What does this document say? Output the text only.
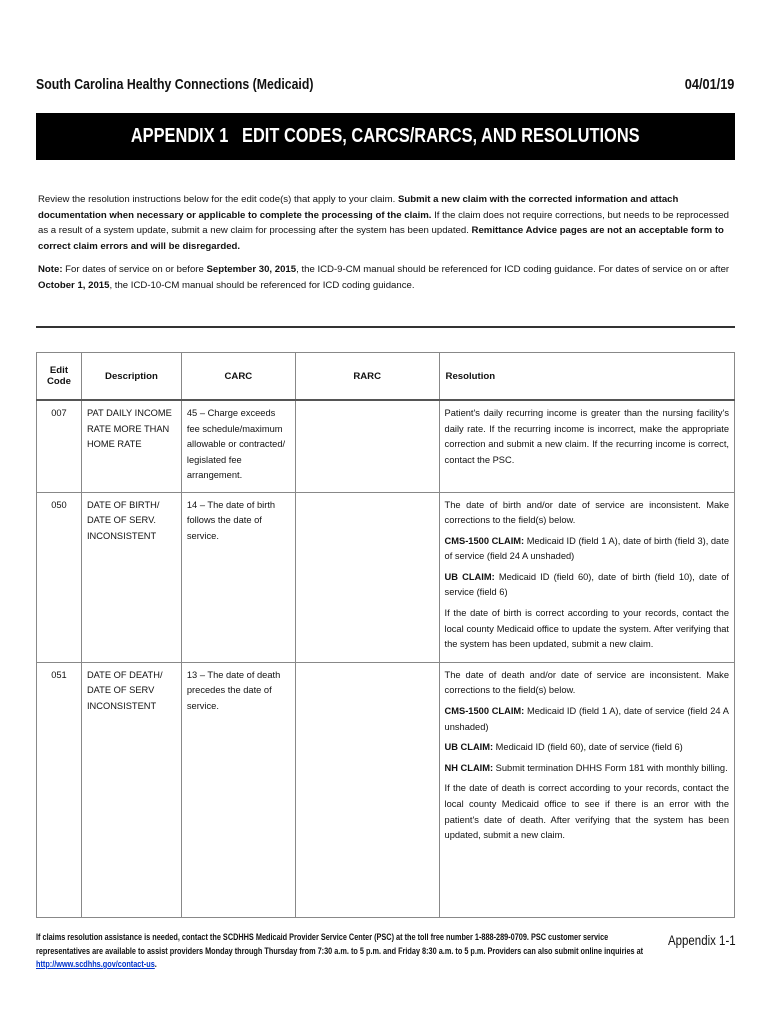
South Carolina Healthy Connections (Medicaid)	04/01/19
APPENDIX 1   EDIT CODES, CARCS/RARCS, AND RESOLUTIONS

Review the resolution instructions below for the edit code(s) that apply to your claim. Submit a new claim with the corrected information and attach documentation when necessary or applicable to complete the processing of the claim. If the claim does not require corrections, but needs to be reprocessed as a result of a system update, submit a new claim for processing after the system has been updated. Remittance Advice pages are not an acceptable form to correct claim errors and will be disregarded.

Note: For dates of service on or before September 30, 2015, the ICD-9-CM manual should be referenced for ICD coding guidance. For dates of service on or after October 1, 2015, the ICD-10-CM manual should be referenced for ICD coding guidance.

Edit Code	Description	CARC	RARC	Resolution
007	PAT DAILY INCOME RATE MORE THAN HOME RATE	45 – Charge exceeds fee schedule/maximum allowable or contracted/ legislated fee arrangement.		Patient's daily recurring income is greater than the nursing facility's daily rate. If the recurring income is incorrect, make the appropriate correction and submit a new claim. If the recurring income is correct, contact the PSC.

050	DATE OF BIRTH/ DATE OF SERV. INCONSISTENT	14 – The date of birth follows the date of service.		The date of birth and/or date of service are inconsistent. Make corrections to the field(s) below.

CMS-1500 CLAIM: Medicaid ID (field 1 A), date of birth (field 3), date of service (field 24 A unshaded)

UB CLAIM: Medicaid ID (field 60), date of birth (field 10), date of service (field 6)

If the date of birth is correct according to your records, contact the local county Medicaid office to update the system. After verifying that the system has been updated, submit a new claim.

051	DATE OF DEATH/ DATE OF SERV INCONSISTENT	13 – The date of death precedes the date of service.		The date of death and/or date of service are inconsistent. Make corrections to the field(s) below.

CMS-1500 CLAIM: Medicaid ID (field 1 A), date of service (field 24 A unshaded)

UB CLAIM: Medicaid ID (field 60), date of service (field 6)

NH CLAIM: Submit termination DHHS Form 181 with monthly billing.

If the date of death is correct according to your records, contact the local county Medicaid office to see if there is an error with the patient's date of death. After verifying that the system has been updated, submit a new claim.

If claims resolution assistance is needed, contact the SCDHHS Medicaid Provider Service Center (PSC) at the toll free number 1-888-289-0709. PSC customer service representatives are available to assist providers Monday through Thursday from 7:30 a.m. to 5 p.m. and Friday 8:30 a.m. to 5 p.m. Providers can also submit online inquiries at http://www.scdhhs.gov/contact-us.
Appendix 1-1
